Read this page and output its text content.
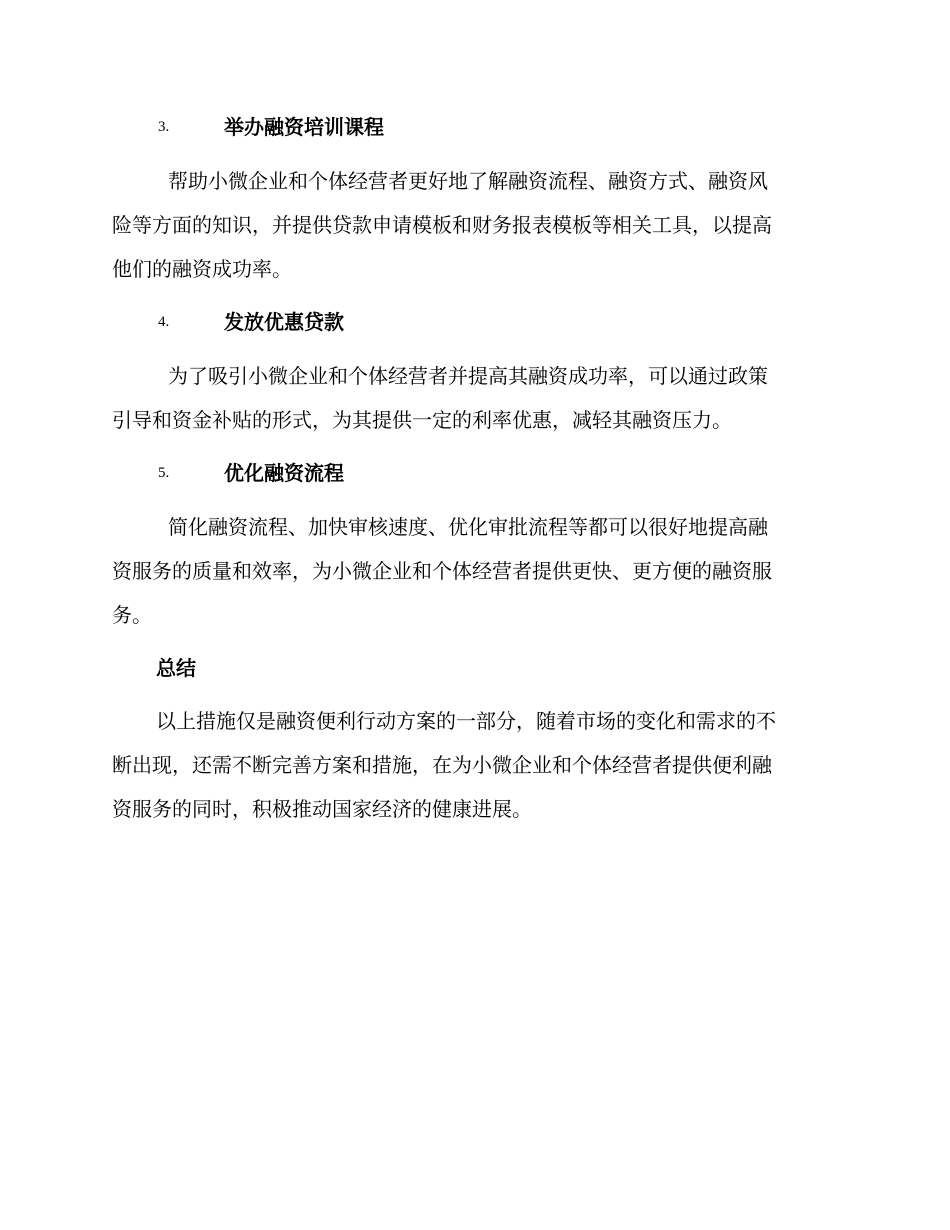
3.	举办融资培训课程
　帮助小微企业和个体经营者更好地了解融资流程、融资方式、融资风
险等方面的知识，并提供贷款申请模板和财务报表模板等相关工具，以提高
他们的融资成功率。
4.	发放优惠贷款
　为了吸引小微企业和个体经营者并提高其融资成功率，可以通过政策
引导和资金补贴的形式，为其提供一定的利率优惠，减轻其融资压力。
5.	优化融资流程
　简化融资流程、加快审核速度、优化审批流程等都可以很好地提高融
资服务的质量和效率，为小微企业和个体经营者提供更快、更方便的融资服
务。
总结
以上措施仅是融资便利行动方案的一部分，随着市场的变化和需求的不
断出现，还需不断完善方案和措施，在为小微企业和个体经营者提供便利融
资服务的同时，积极推动国家经济的健康进展。
